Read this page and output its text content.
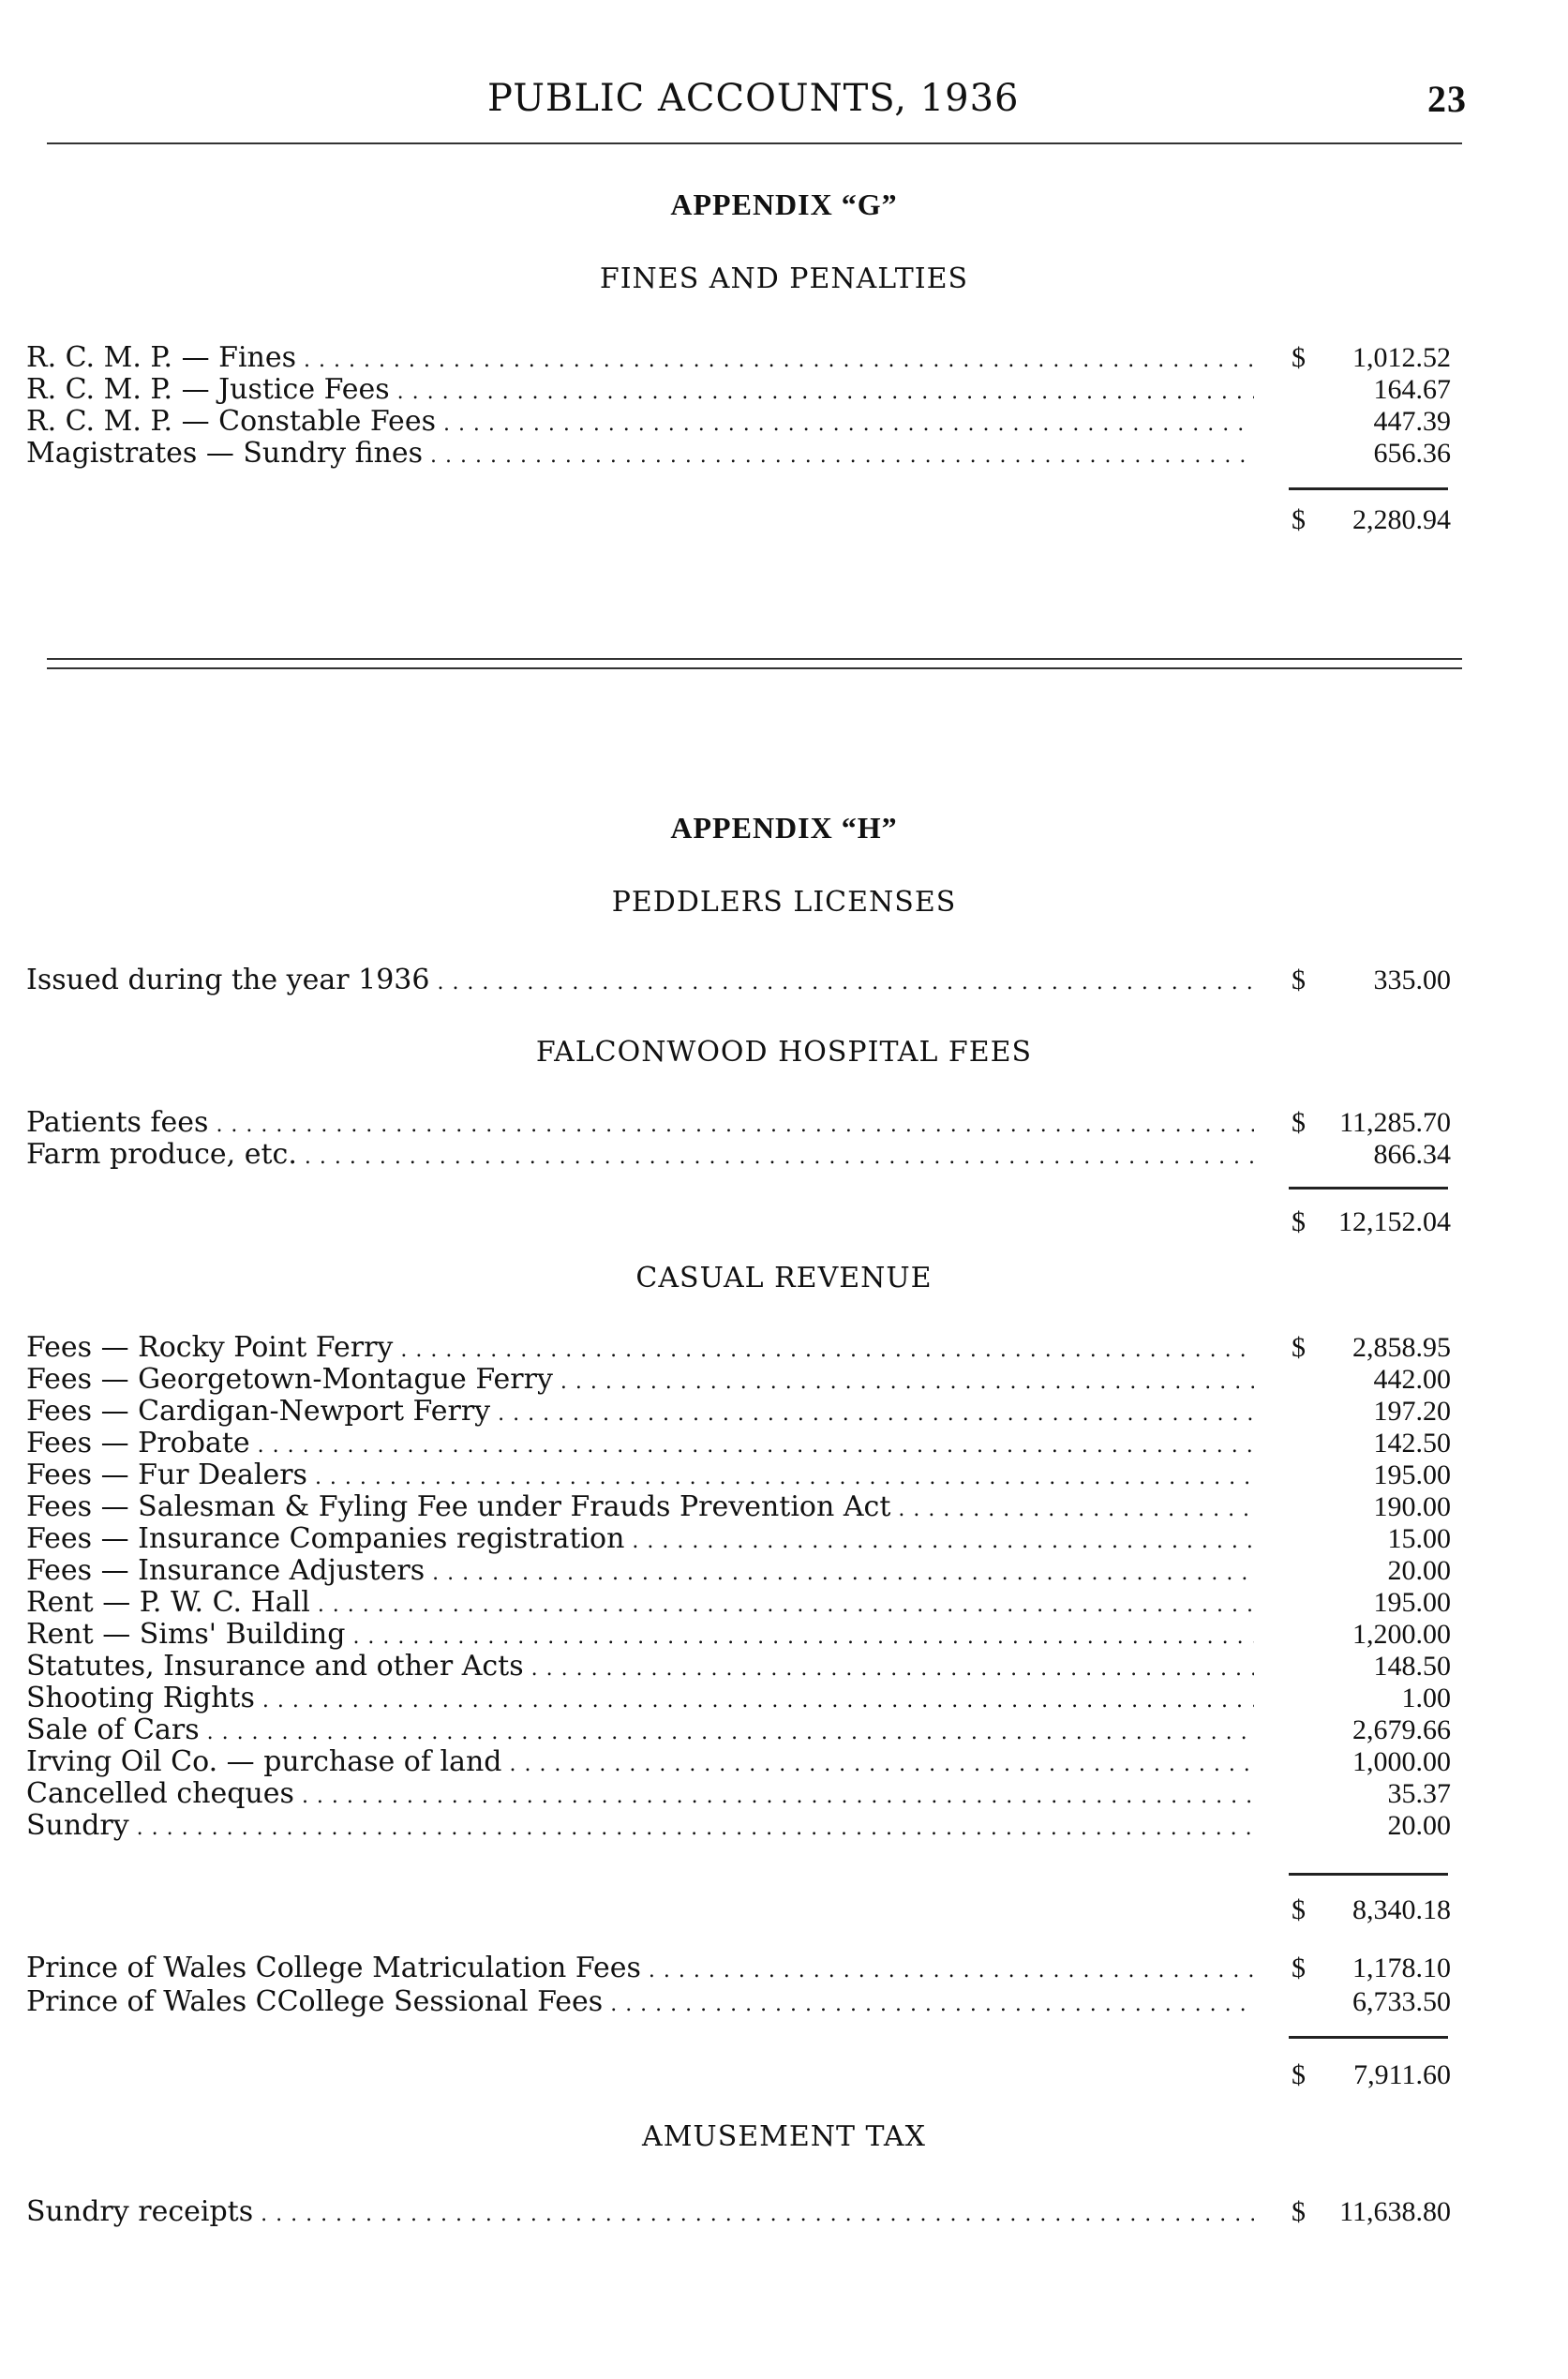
PUBLIC ACCOUNTS, 1936	23
APPENDIX “G”
FINES AND PENALTIES
R. C. M. P. — Fines . . .	$ 1,012.52
R. C. M. P. — Justice Fees . . .	164.67
R. C. M. P. — Constable Fees . . .	447.39
Magistrates — Sundry fines . . .	656.36
$ 2,280.94
APPENDIX “H”
PEDDLERS LICENSES
Issued during the year 1936 . . .	$ 335.00
FALCONWOOD HOSPITAL FEES
Patients fees . . .	$ 11,285.70
Farm produce, etc. . . .	866.34
$ 12,152.04
CASUAL REVENUE
Fees — Rocky Point Ferry . . .	$ 2,858.95
Fees — Georgetown-Montague Ferry . . .	442.00
Fees — Cardigan-Newport Ferry . . .	197.20
Fees — Probate . . .	142.50
Fees — Fur Dealers . . .	195.00
Fees — Salesman & Fyling Fee under Frauds Prevention Act . . .	190.00
Fees — Insurance Companies registration . . .	15.00
Fees — Insurance Adjusters . . .	20.00
Rent — P. W. C. Hall . . .	195.00
Rent — Sims' Building . . .	1,200.00
Statutes, Insurance and other Acts . . .	148.50
Shooting Rights . . .	1.00
Sale of Cars . . .	2,679.66
Irving Oil Co. — purchase of land . . .	1,000.00
Cancelled cheques . . .	35.37
Sundry . . .	20.00
$ 8,340.18
Prince of Wales College Matriculation Fees . . .	$ 1,178.10
Prince of Wales CCollege Sessional Fees . . .	6,733.50
$ 7,911.60
AMUSEMENT TAX
Sundry receipts . . .	$ 11,638.80
